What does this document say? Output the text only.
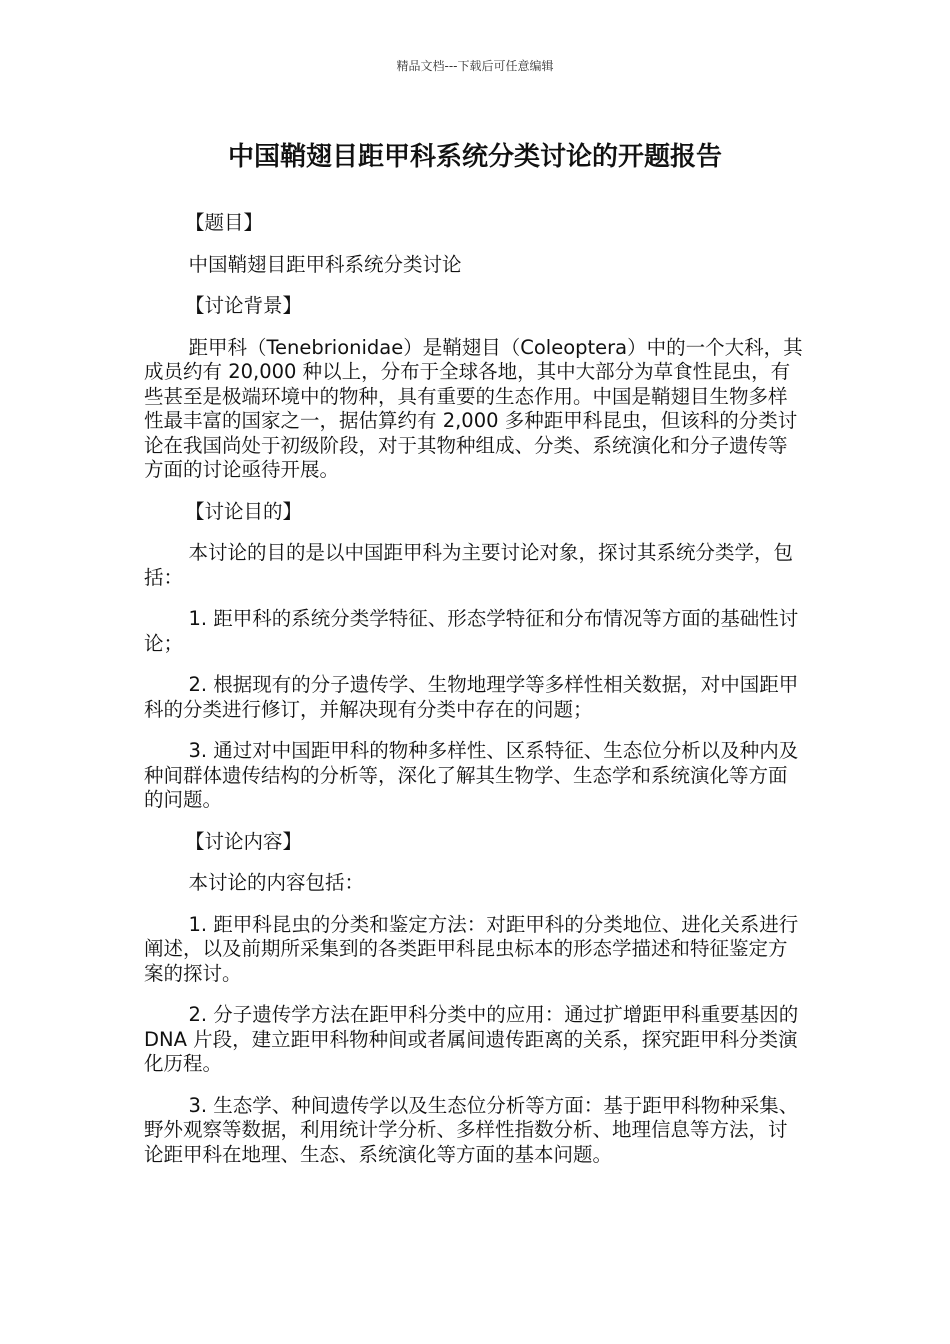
精品文档---下载后可任意编辑
中国鞘翅目距甲科系统分类讨论的开题报告

【题目】

中国鞘翅目距甲科系统分类讨论

【讨论背景】

距甲科（Tenebrionidae）是鞘翅目（Coleoptera）中的一个大科，其成员约有 20,000 种以上，分布于全球各地，其中大部分为草食性昆虫，有些甚至是极端环境中的物种，具有重要的生态作用。中国是鞘翅目生物多样性最丰富的国家之一，据估算约有 2,000 多种距甲科昆虫，但该科的分类讨论在我国尚处于初级阶段，对于其物种组成、分类、系统演化和分子遗传等方面的讨论亟待开展。

【讨论目的】

本讨论的目的是以中国距甲科为主要讨论对象，探讨其系统分类学，包括：

1. 距甲科的系统分类学特征、形态学特征和分布情况等方面的基础性讨论；

2. 根据现有的分子遗传学、生物地理学等多样性相关数据，对中国距甲科的分类进行修订，并解决现有分类中存在的问题；

3. 通过对中国距甲科的物种多样性、区系特征、生态位分析以及种内及种间群体遗传结构的分析等，深化了解其生物学、生态学和系统演化等方面的问题。

【讨论内容】

本讨论的内容包括：

1. 距甲科昆虫的分类和鉴定方法：对距甲科的分类地位、进化关系进行阐述，以及前期所采集到的各类距甲科昆虫标本的形态学描述和特征鉴定方案的探讨。

2. 分子遗传学方法在距甲科分类中的应用：通过扩增距甲科重要基因的 DNA 片段，建立距甲科物种间或者属间遗传距离的关系，探究距甲科分类演化历程。

3. 生态学、种间遗传学以及生态位分析等方面：基于距甲科物种采集、野外观察等数据，利用统计学分析、多样性指数分析、地理信息等方法，讨论距甲科在地理、生态、系统演化等方面的基本问题。
